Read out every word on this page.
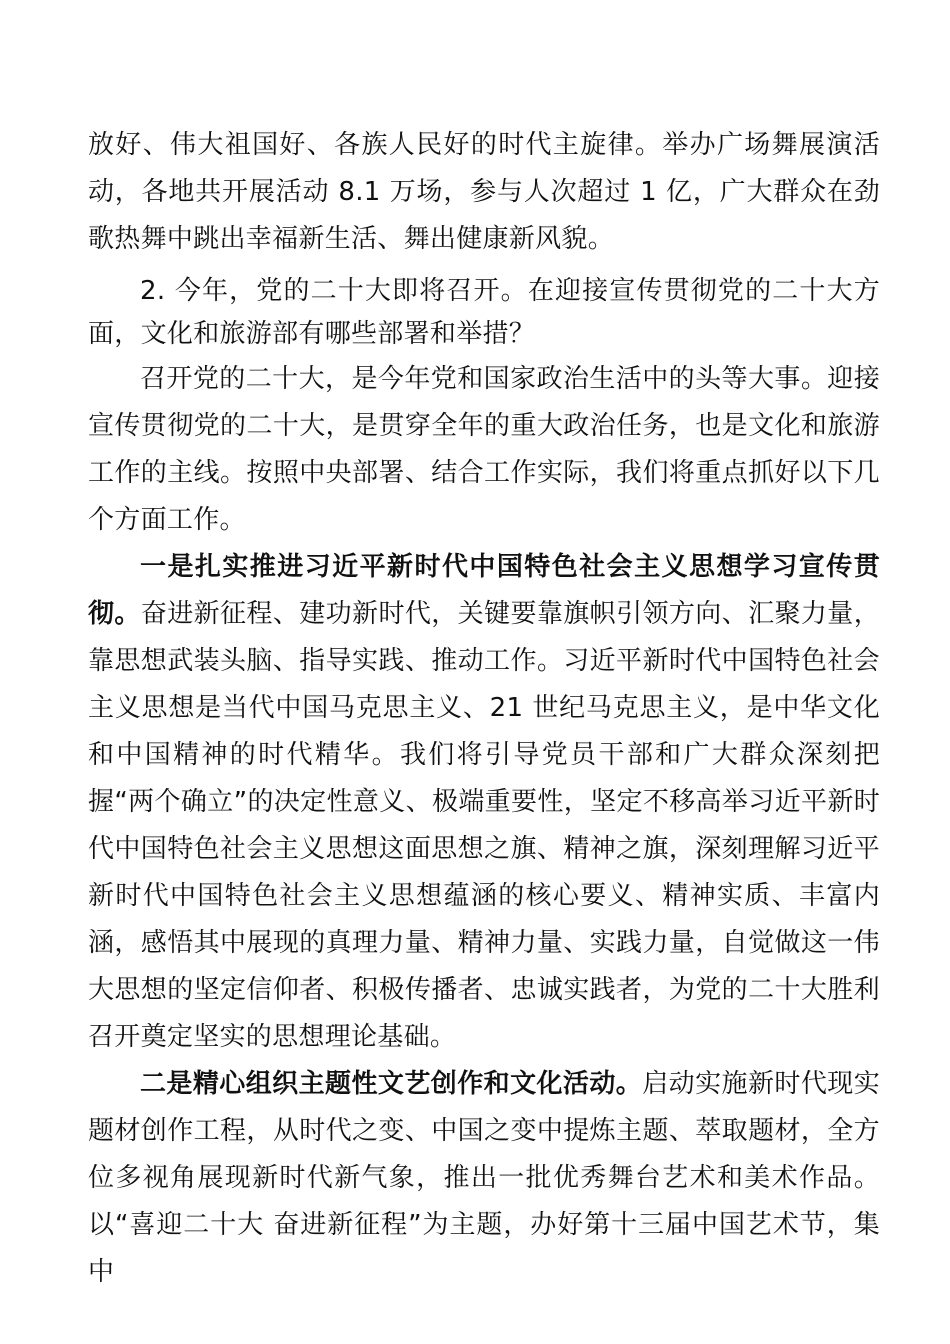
放好、伟大祖国好、各族人民好的时代主旋律。举办广场舞展演活动，各地共开展活动 8.1 万场，参与人次超过 1 亿，广大群众在劲歌热舞中跳出幸福新生活、舞出健康新风貌。

2. 今年，党的二十大即将召开。在迎接宣传贯彻党的二十大方面，文化和旅游部有哪些部署和举措？

召开党的二十大，是今年党和国家政治生活中的头等大事。迎接宣传贯彻党的二十大，是贯穿全年的重大政治任务，也是文化和旅游工作的主线。按照中央部署、结合工作实际，我们将重点抓好以下几个方面工作。

一是扎实推进习近平新时代中国特色社会主义思想学习宣传贯 彻。奋进新征程、建功新时代，关键要靠旗帜引领方向、汇聚力量， 靠思想武装头脑、指导实践、推动工作。习近平新时代中国特色社会主义思想是当代中国马克思主义、21 世纪马克思主义，是中华文化和中国精神的时代精华。我们将引导党员干部和广大群众深刻把握“两个确立”的决定性意义、极端重要性，坚定不移高举习近平新时代中国特色社会主义思想这面思想之旗、精神之旗，深刻理解习近平新时代中国特色社会主义思想蕴涵的核心要义、精神实质、丰富内涵，感悟其中展现的真理力量、精神力量、实践力量，自觉做这一伟大思想的坚定信仰者、积极传播者、忠诚实践者，为党的二十大胜利召开奠定坚实的思想理论基础。

二是精心组织主题性文艺创作和文化活动。启动实施新时代现实题材创作工程，从时代之变、中国之变中提炼主题、萃取题材，全方位多视角展现新时代新气象，推出一批优秀舞台艺术和美术作品。以“喜迎二十大 奋进新征程”为主题，办好第十三届中国艺术节，集中
